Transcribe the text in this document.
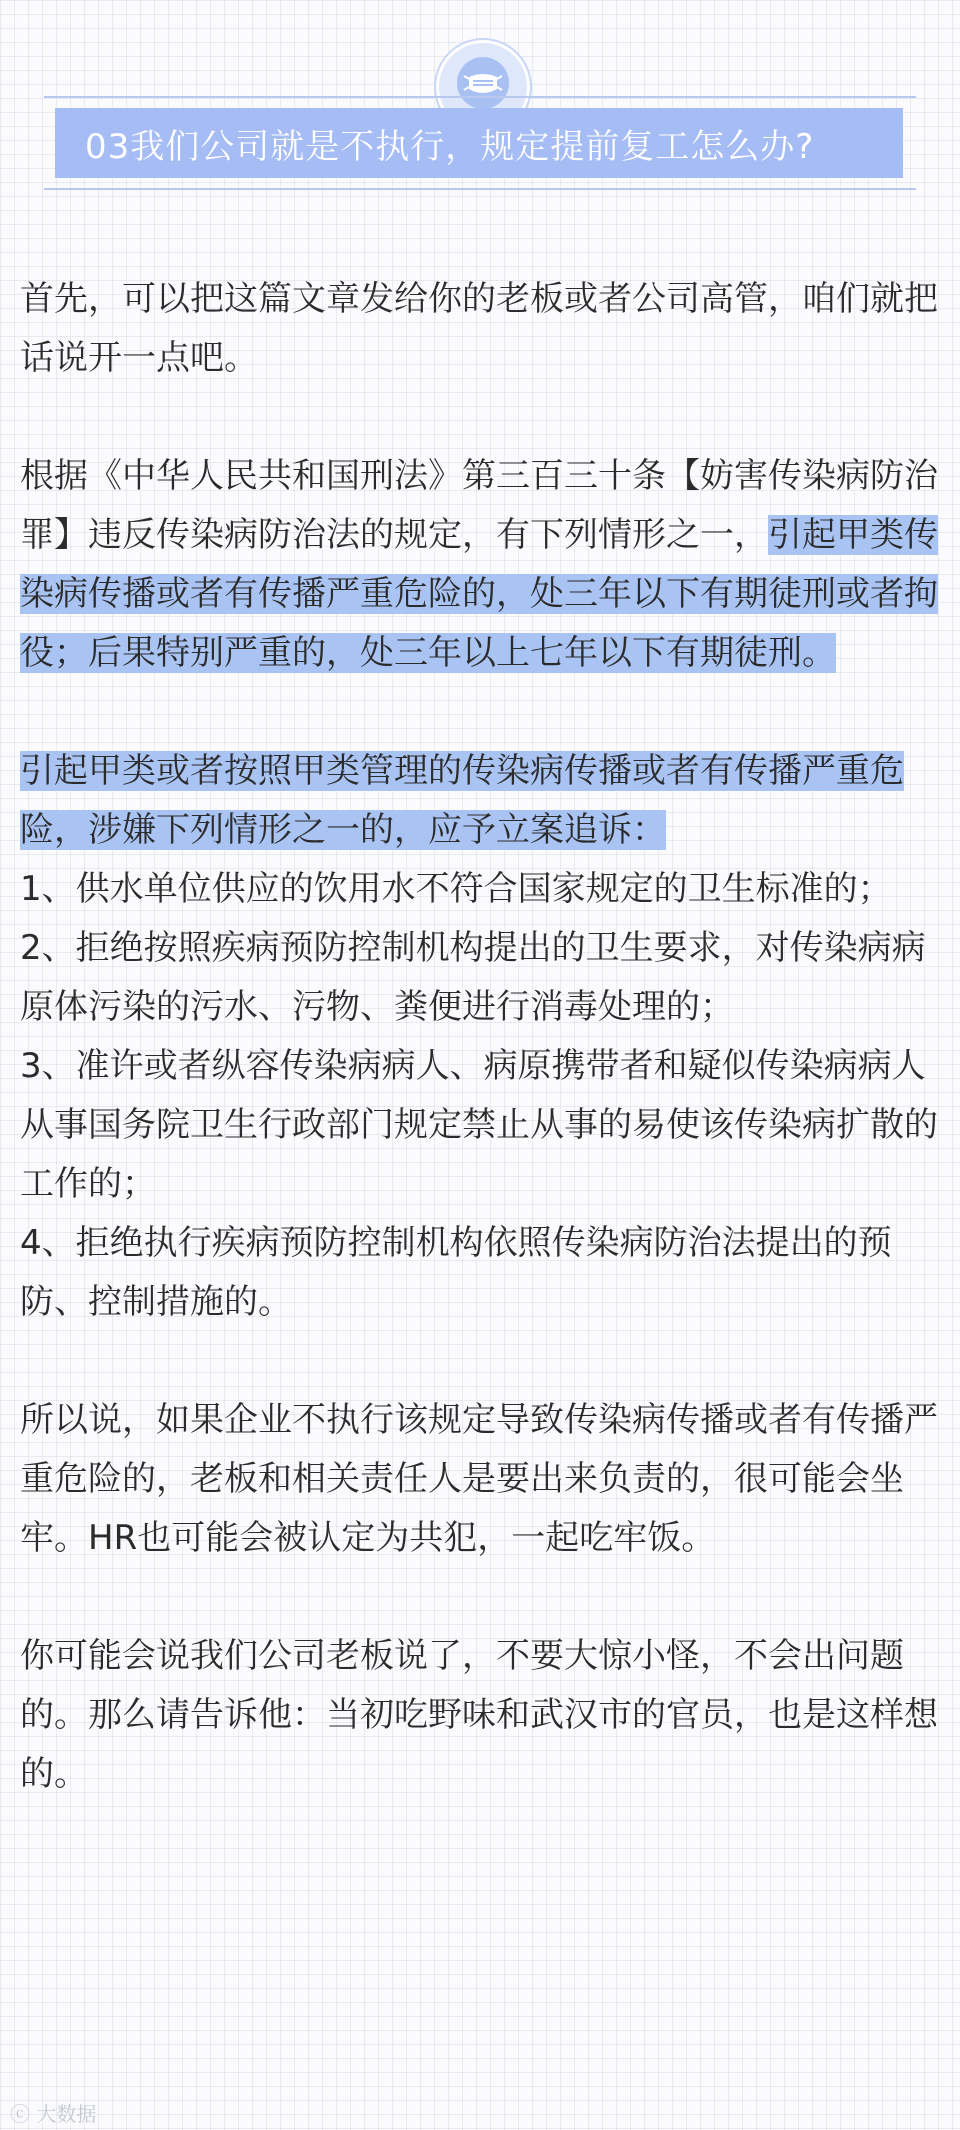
03我们公司就是不执行，规定提前复工怎么办?

首先，可以把这篇文章发给你的老板或者公司高管，咱们就把话说开一点吧。

根据《中华人民共和国刑法》第三百三十条【妨害传染病防治罪】违反传染病防治法的规定，有下列情形之一，引起甲类传染病传播或者有传播严重危险的，处三年以下有期徒刑或者拘役；后果特别严重的，处三年以上七年以下有期徒刑。

引起甲类或者按照甲类管理的传染病传播或者有传播严重危险，涉嫌下列情形之一的，应予立案追诉：

1、供水单位供应的饮用水不符合国家规定的卫生标准的；

2、拒绝按照疾病预防控制机构提出的卫生要求，对传染病病原体污染的污水、污物、粪便进行消毒处理的；

3、准许或者纵容传染病病人、病原携带者和疑似传染病病人从事国务院卫生行政部门规定禁止从事的易使该传染病扩散的工作的；

4、拒绝执行疾病预防控制机构依照传染病防治法提出的预防、控制措施的。

所以说，如果企业不执行该规定导致传染病传播或者有传播严重危险的，老板和相关责任人是要出来负责的，很可能会坐牢。HR也可能会被认定为共犯，一起吃牢饭。

你可能会说我们公司老板说了，不要大惊小怪，不会出问题的。那么请告诉他：当初吃野味和武汉市的官员，也是这样想的。

ⓒ 大数据
